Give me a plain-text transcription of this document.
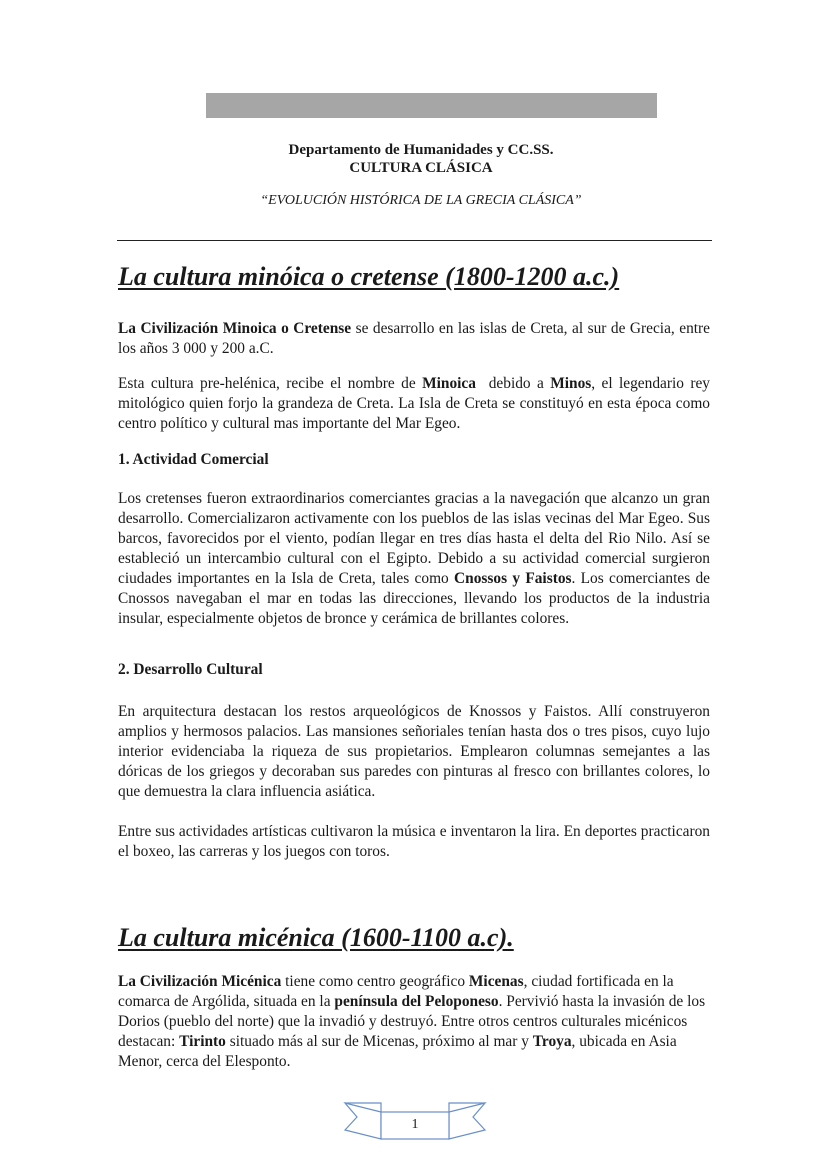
Departamento de Humanidades y CC.SS.
CULTURA CLÁSICA
“EVOLUCIÓN HISTÓRICA DE LA GRECIA CLÁSICA”
La cultura minóica o cretense (1800-1200 a.c.)

La Civilización Minoica o Cretense se desarrollo en las islas de Creta, al sur de Grecia, entre los años 3 000 y 200 a.C.

Esta cultura pre-helénica, recibe el nombre de Minoica  debido a Minos, el legendario rey mitológico quien forjo la grandeza de Creta. La Isla de Creta se constituyó en esta época como centro político y cultural mas importante del Mar Egeo.

1. Actividad Comercial

Los cretenses fueron extraordinarios comerciantes gracias a la navegación que alcanzo un gran desarrollo. Comercializaron activamente con los pueblos de las islas vecinas del Mar Egeo. Sus barcos, favorecidos por el viento, podían llegar en tres días hasta el delta del Rio Nilo. Así se estableció un intercambio cultural con el Egipto. Debido a su actividad comercial surgieron ciudades importantes en la Isla de Creta, tales como Cnossos y Faistos. Los comerciantes de Cnossos navegaban el mar en todas las direcciones, llevando los productos de la industria insular, especialmente objetos de bronce y cerámica de brillantes colores.

2. Desarrollo Cultural

En arquitectura destacan los restos arqueológicos de Knossos y Faistos. Allí construyeron amplios y hermosos palacios. Las mansiones señoriales tenían hasta dos o tres pisos, cuyo lujo interior evidenciaba la riqueza de sus propietarios. Emplearon columnas semejantes a las dóricas de los griegos y decoraban sus paredes con pinturas al fresco con brillantes colores, lo que demuestra la clara influencia asiática.

Entre sus actividades artísticas cultivaron la música e inventaron la lira. En deportes practicaron el boxeo, las carreras y los juegos con toros.

La cultura micénica (1600-1100 a.c).

La Civilización Micénica tiene como centro geográfico Micenas, ciudad fortificada en la comarca de Argólida, situada en la península del Peloponeso. Pervivió hasta la invasión de los Dorios (pueblo del norte) que la invadió y destruyó. Entre otros centros culturales micénicos destacan: Tirinto situado más al sur de Micenas, próximo al mar y Troya, ubicada en Asia Menor, cerca del Elesponto.

1
